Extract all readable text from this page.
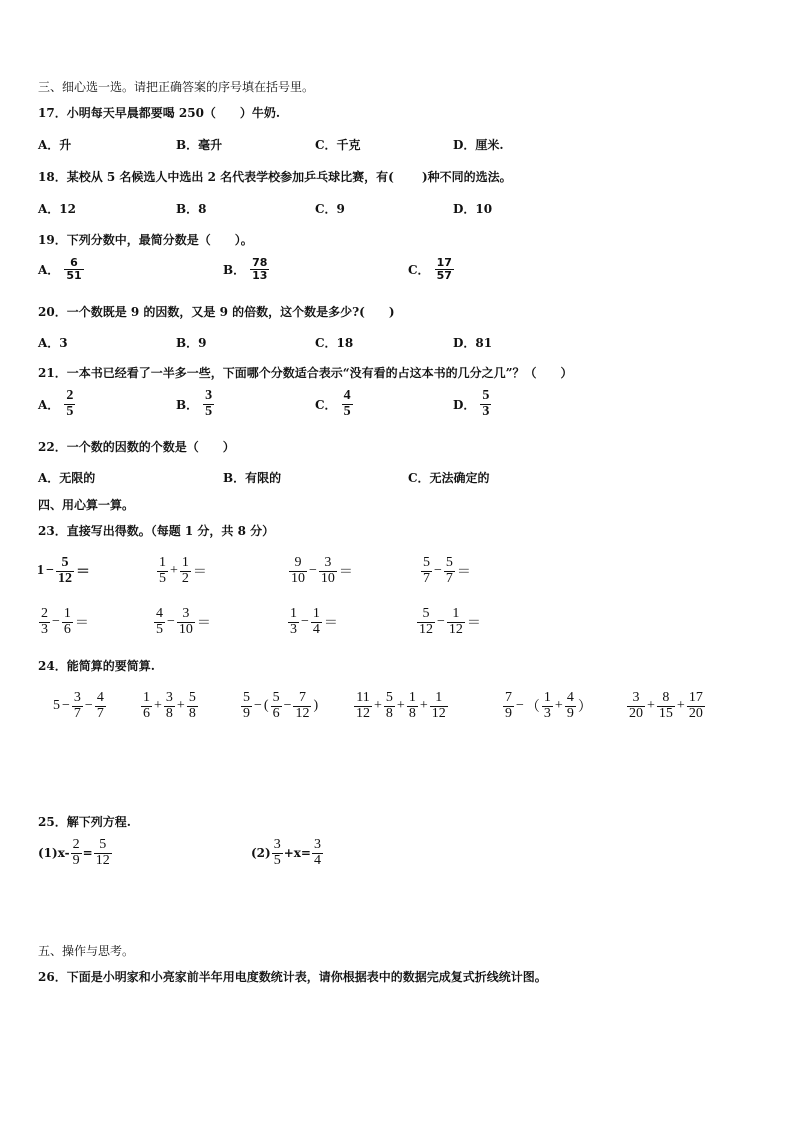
三、细心选一选。请把正确答案的序号填在括号里。
17．小明每天早晨都要喝 250（　　）牛奶.
A．升	B．毫升	C．千克	D．厘米.
18．某校从 5 名候选人中选出 2 名代表学校参加乒乓球比赛，有(　　 )种不同的选法。
A．12	B．8	C．9	D．10
19．下列分数中，最简分数是（　　）。
A． $\frac{6}{51}$	B． $\frac{78}{13}$	C． $\frac{17}{57}$
20．一个数既是 9 的因数，又是 9 的倍数，这个数是多少?(　　)
A．3	B．9	C．18	D．81
21．一本书已经看了一半多一些，下面哪个分数适合表示“没有看的占这本书的几分之几”？（　　）
A． $\frac{2}{5}$	B． $\frac{3}{5}$	C． $\frac{4}{5}$	D． $\frac{5}{3}$
22．一个数的因数的个数是（　　）
A．无限的	B．有限的	C．无法确定的
四、用心算一算。
23．直接写出得数。（每题 1 分，共 8 分）
$1 - \frac{5}{12}$ ＝	$\frac{1}{5} + \frac{1}{2}$ ＝	$\frac{9}{10} - \frac{3}{10}$ ＝	$\frac{5}{7} - \frac{5}{7}$ ＝
$\frac{2}{3} - \frac{1}{6}$ ＝	$\frac{4}{5} - \frac{3}{10}$ ＝	$\frac{1}{3} - \frac{1}{4}$ ＝	$\frac{5}{12} - \frac{1}{12}$ ＝
24．能简算的要简算.
$5 - \frac{3}{7} - \frac{4}{7}$	$\frac{1}{6} + \frac{3}{8} + \frac{5}{8}$	$\frac{5}{9}$ − ( $\frac{5}{6} - \frac{7}{12}$ )	$\frac{11}{12} + \frac{5}{8} + \frac{1}{8} + \frac{1}{12}$	$\frac{7}{9}$ − （ $\frac{1}{3} + \frac{4}{9}$ ）	$\frac{3}{20} + \frac{8}{15} + \frac{17}{20}$
25．解下列方程.
$(1)x- \frac{2}{9} = \frac{5}{12}$	$(2) \frac{3}{5} +x= \frac{3}{4}$
五、操作与思考。
26．下面是小明家和小亮家前半年用电度数统计表，请你根据表中的数据完成复式折线统计图。
